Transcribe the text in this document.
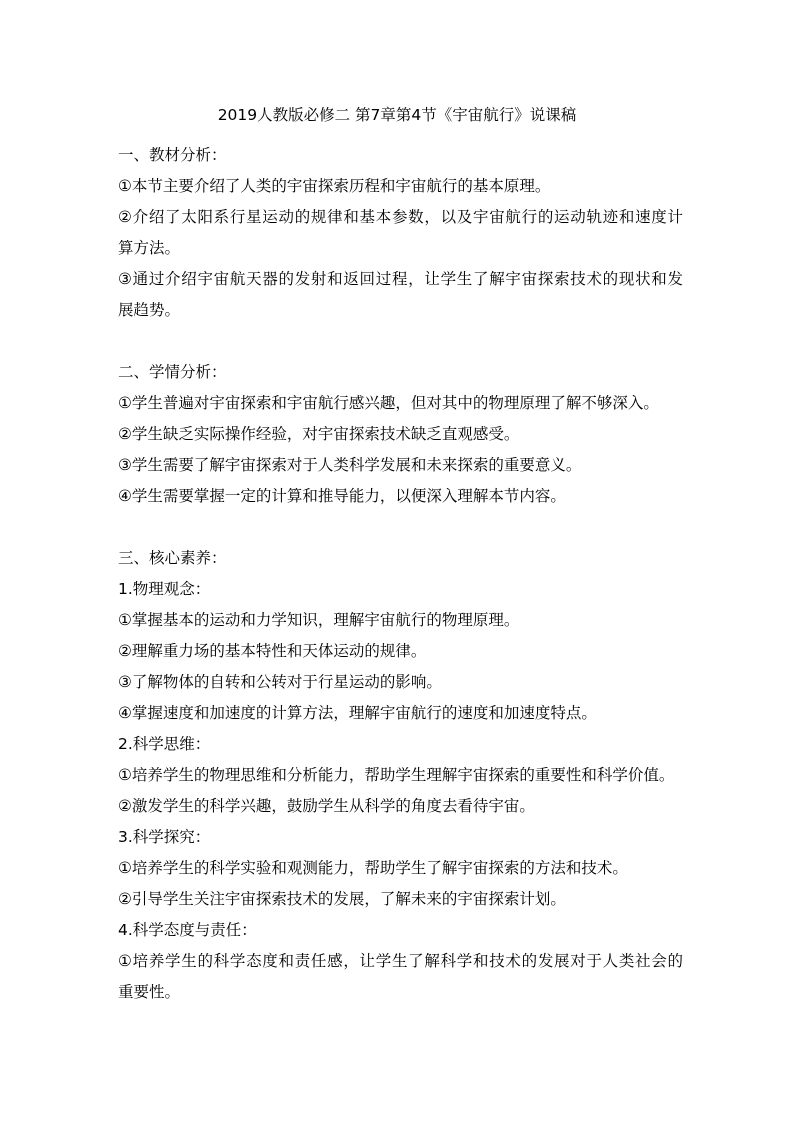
2019人教版必修二 第7章第4节《宇宙航行》说课稿
一、教材分析：
①本节主要介绍了人类的宇宙探索历程和宇宙航行的基本原理。
②介绍了太阳系行星运动的规律和基本参数，以及宇宙航行的运动轨迹和速度计
算方法。
③通过介绍宇宙航天器的发射和返回过程，让学生了解宇宙探索技术的现状和发
展趋势。
二、学情分析：
①学生普遍对宇宙探索和宇宙航行感兴趣，但对其中的物理原理了解不够深入。
②学生缺乏实际操作经验，对宇宙探索技术缺乏直观感受。
③学生需要了解宇宙探索对于人类科学发展和未来探索的重要意义。
④学生需要掌握一定的计算和推导能力，以便深入理解本节内容。
三、核心素养：
1.物理观念：
①掌握基本的运动和力学知识，理解宇宙航行的物理原理。
②理解重力场的基本特性和天体运动的规律。
③了解物体的自转和公转对于行星运动的影响。
④掌握速度和加速度的计算方法，理解宇宙航行的速度和加速度特点。
2.科学思维：
①培养学生的物理思维和分析能力，帮助学生理解宇宙探索的重要性和科学价值。
②激发学生的科学兴趣，鼓励学生从科学的角度去看待宇宙。
3.科学探究：
①培养学生的科学实验和观测能力，帮助学生了解宇宙探索的方法和技术。
②引导学生关注宇宙探索技术的发展，了解未来的宇宙探索计划。
4.科学态度与责任：
①培养学生的科学态度和责任感，让学生了解科学和技术的发展对于人类社会的
重要性。
